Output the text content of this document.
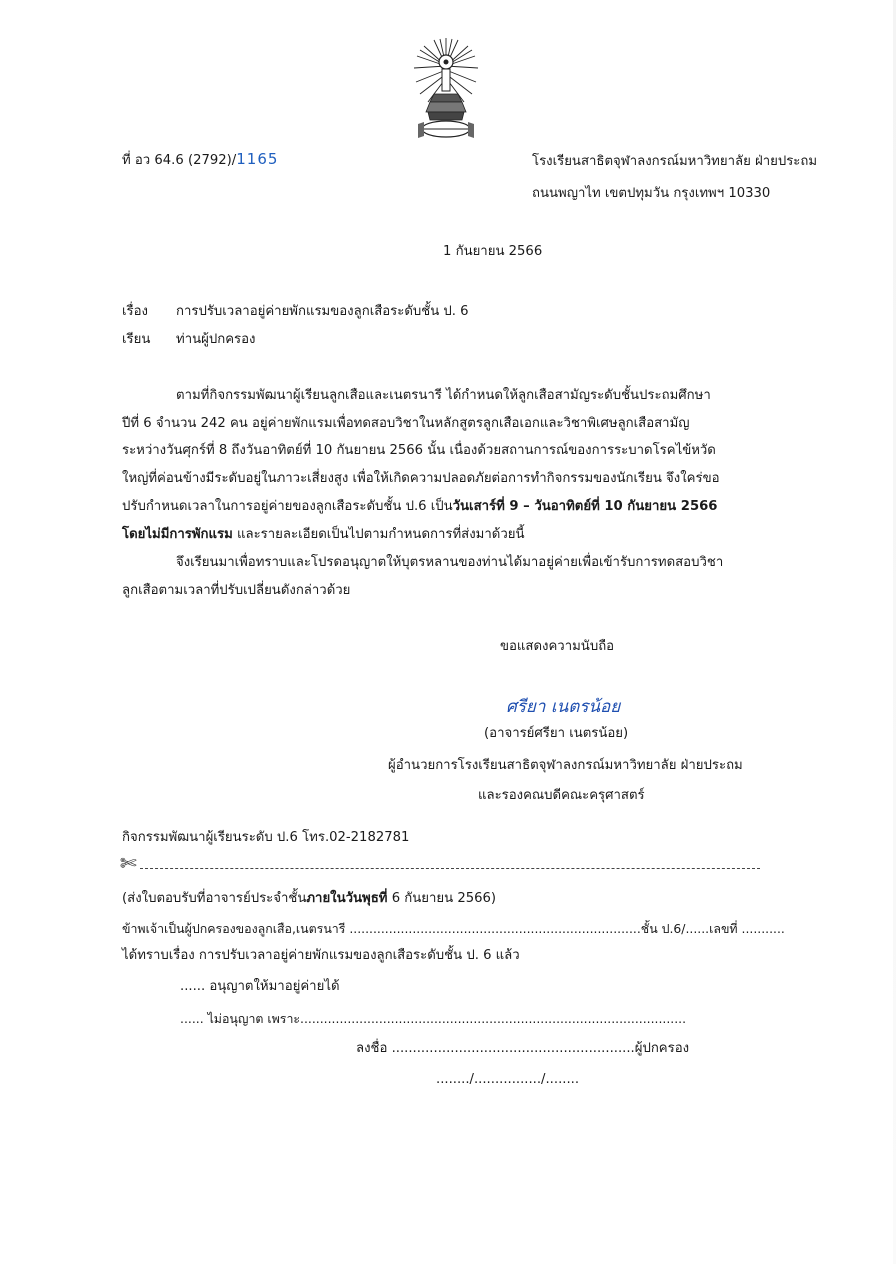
ที่ อว 64.6 (2792)/1165	โรงเรียนสาธิตจุฬาลงกรณ์มหาวิทยาลัย ฝ่ายประถม
ถนนพญาไท เขตปทุมวัน กรุงเทพฯ 10330
1 กันยายน 2566
เรื่อง การปรับเวลาอยู่ค่ายพักแรมของลูกเสือระดับชั้น ป. 6
เรียน ท่านผู้ปกครอง
ตามที่กิจกรรมพัฒนาผู้เรียนลูกเสือและเนตรนารี ได้กำหนดให้ลูกเสือสามัญระดับชั้นประถมศึกษา
ปีที่ 6 จำนวน 242 คน อยู่ค่ายพักแรมเพื่อทดสอบวิชาในหลักสูตรลูกเสือเอกและวิชาพิเศษลูกเสือสามัญ
ระหว่างวันศุกร์ที่ 8 ถึงวันอาทิตย์ที่ 10 กันยายน 2566 นั้น เนื่องด้วยสถานการณ์ของการระบาดโรคไข้หวัด
ใหญ่ที่ค่อนข้างมีระดับอยู่ในภาวะเสี่ยงสูง เพื่อให้เกิดความปลอดภัยต่อการทำกิจกรรมของนักเรียน จึงใคร่ขอ
ปรับกำหนดเวลาในการอยู่ค่ายของลูกเสือระดับชั้น ป.6 เป็นวันเสาร์ที่ 9 – วันอาทิตย์ที่ 10 กันยายน 2566
โดยไม่มีการพักแรม และรายละเอียดเป็นไปตามกำหนดการที่ส่งมาด้วยนี้
จึงเรียนมาเพื่อทราบและโปรดอนุญาตให้บุตรหลานของท่านได้มาอยู่ค่ายเพื่อเข้ารับการทดสอบวิชา
ลูกเสือตามเวลาที่ปรับเปลี่ยนดังกล่าวด้วย
ขอแสดงความนับถือ
ศรียา เนตรน้อย
(อาจารย์ศรียา เนตรน้อย)
ผู้อำนวยการโรงเรียนสาธิตจุฬาลงกรณ์มหาวิทยาลัย ฝ่ายประถม
และรองคณบดีคณะครุศาสตร์
กิจกรรมพัฒนาผู้เรียนระดับ ป.6 โทร.02-2182781
✄
(ส่งใบตอบรับที่อาจารย์ประจำชั้นภายในวันพุธที่ 6 กันยายน 2566)
ข้าพเจ้าเป็นผู้ปกครองของลูกเสือ,เนตรนารี ..........................................................................ชั้น ป.6/......เลขที่ ...........
ได้ทราบเรื่อง การปรับเวลาอยู่ค่ายพักแรมของลูกเสือระดับชั้น ป. 6 แล้ว
...... อนุญาตให้มาอยู่ค่ายได้
...... ไม่อนุญาต เพราะ..................................................................................................
ลงชื่อ ..........................................................ผู้ปกครอง
......../................/........
